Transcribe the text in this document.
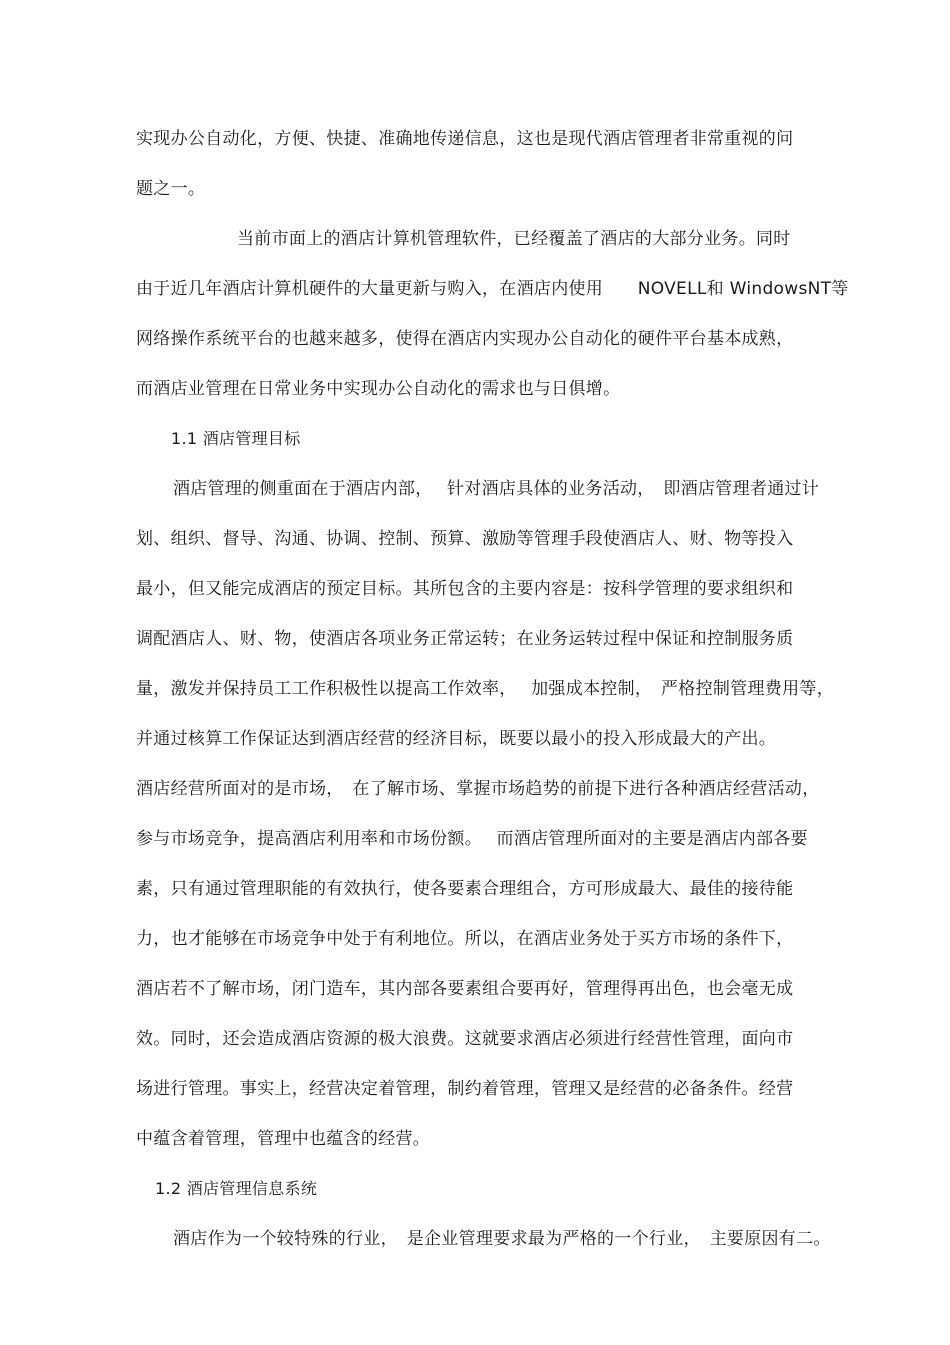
实现办公自动化，方便、快捷、准确地传递信息，这也是现代酒店管理者非常重视的问
题之一。
当前市面上的酒店计算机管理软件，已经覆盖了酒店的大部分业务。同时
由于近几年酒店计算机硬件的大量更新与购入，在酒店内使用　　NOVELL和 WindowsNT等
网络操作系统平台的也越来越多，使得在酒店内实现办公自动化的硬件平台基本成熟，
而酒店业管理在日常业务中实现办公自动化的需求也与日俱增。
1.1 酒店管理目标
酒店管理的侧重面在于酒店内部，　 针对酒店具体的业务活动，　即酒店管理者通过计
划、组织、督导、沟通、协调、控制、预算、激励等管理手段使酒店人、财、物等投入
最小，但又能完成酒店的预定目标。其所包含的主要内容是：按科学管理的要求组织和
调配酒店人、财、物，使酒店各项业务正常运转；在业务运转过程中保证和控制服务质
量，激发并保持员工工作积极性以提高工作效率，　 加强成本控制，　严格控制管理费用等，
并通过核算工作保证达到酒店经营的经济目标，既要以最小的投入形成最大的产出。
酒店经营所面对的是市场，　在了解市场、掌握市场趋势的前提下进行各种酒店经营活动，
参与市场竞争，提高酒店利用率和市场份额。　 而酒店管理所面对的主要是酒店内部各要
素，只有通过管理职能的有效执行，使各要素合理组合，方可形成最大、最佳的接待能
力，也才能够在市场竞争中处于有利地位。所以，在酒店业务处于买方市场的条件下，
酒店若不了解市场，闭门造车，其内部各要素组合要再好，管理得再出色，也会毫无成
效。同时，还会造成酒店资源的极大浪费。这就要求酒店必须进行经营性管理，面向市
场进行管理。事实上，经营决定着管理，制约着管理，管理又是经营的必备条件。经营
中蕴含着管理，管理中也蕴含的经营。
1.2 酒店管理信息系统
酒店作为一个较特殊的行业，　是企业管理要求最为严格的一个行业，　主要原因有二。
